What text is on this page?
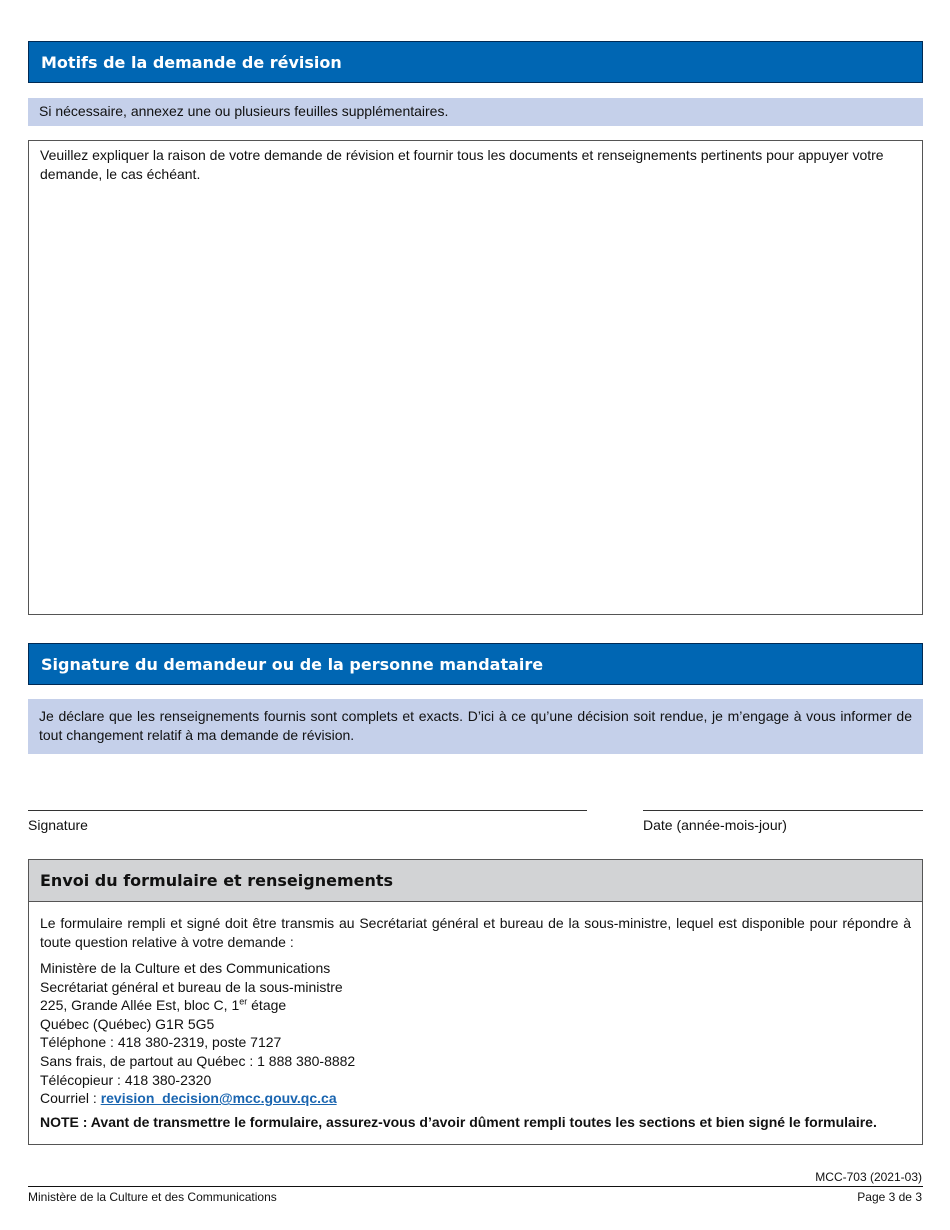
Motifs de la demande de révision
Si nécessaire, annexez une ou plusieurs feuilles supplémentaires.
Veuillez expliquer la raison de votre demande de révision et fournir tous les documents et renseignements pertinents pour appuyer votre demande, le cas échéant.
Veuillez expliquer la raison de votre demande de révision et fournir tous les documents et renseignements pertinents pour appuyer votre demande, le cas échéant.
Signature du demandeur ou de la personne mandataire
Je déclare que les renseignements fournis sont complets et exacts. D’ici à ce qu’une décision soit rendue, je m’engage à vous informer de tout changement relatif à ma demande de révision.
Signature	Date (année-mois-jour)
Envoi du formulaire et renseignements
Le formulaire rempli et signé doit être transmis au Secrétariat général et bureau de la sous-ministre, lequel est disponible pour répondre à toute question relative à votre demande :
Ministère de la Culture et des Communications
Secrétariat général et bureau de la sous-ministre
225, Grande Allée Est, bloc C, 1er étage
Québec (Québec) G1R 5G5
Téléphone : 418 380-2319, poste 7127
Sans frais, de partout au Québec : 1 888 380-8882
Télécopieur : 418 380-2320
Courriel : revision_decision@mcc.gouv.qc.ca
NOTE : Avant de transmettre le formulaire, assurez-vous d’avoir dûment rempli toutes les sections et bien signé le formulaire.
MCC-703 (2021-03)
Ministère de la Culture et des Communications	Page 3 de 3
